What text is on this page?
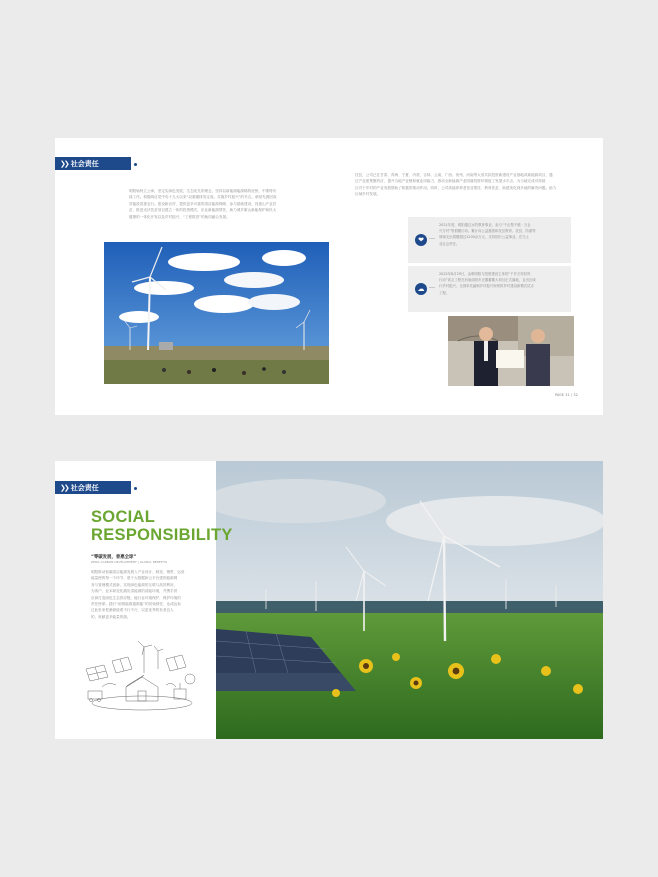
❯❯ 社会责任
明阳始终立公承，坚定实绿色发展，生态优先的理念，坚持以新能源能源稀的优势，中推特功
绿工作。积极响应党中央十九大以来“双重碳排发定成。实施乡村振兴”的号召。承财先源回高
效能改善惠农行。建设新农村，提供更多可靠的清洁能源保障，参与基础建设，同惠山产业扶
贫，推进光伏扶贫项目建立一体的投资模式，乐业新能源帮扶，助力城乡繁山新能保护和民太
健康的一体化开发以及乡村振兴，“工程推进”的助同融合发展。
扶贫，公司已在甘肃、青海、宁夏、内蒙、吉林、云南、广西、贵州、河南等大省共拟投资新建设产业基地或新能源项目，通
过产业建集聚效应，提升当地产业链和就业岗能力，推动全新能源产业园落投资环境促了发展水平点，为当地完成可持续
区对于乡村的产业发展帮助了积极的推动作用。同时，公司高能养养老老业帮扶，教育扶贫，助建美化到多地的解决问题。助力
区域乡村发展。
❤
2021年度，明阳通过水钓教育事业，参与“千企帮千镇 · 万企
兴万村”等捐赠行动。累计向公益慈善和扶贫教育、扶贫、防重等
领域支出捐赠超过1200余万元，支持国行公益事业，在当土
业社会责任。
☁
2022年8月29日，金明明阳与投资建设主体的“千乡万村驭风
行动”试点工程在河南南阳市正蓄蓄蓄大项目正式落地，且出区域
行乡村振兴，全国率先编制乡村振兴规划的乡村建设新模式试点
工程。
PAGE 31 / 32
❯❯ 社会责任
SOCIAL
RESPONSIBILITY
“零碳发展，普惠全球”
ZERO-CARBON DEVELOPMENT | GLOBAL BENEFITS
明阳推动低碳清洁能源发展入产业设计、制造、销售、运营
能量使的每一个环节，基于大数据和云平台建的能源网
务与管理模式创新，实现绿色能源的互联与高效利用，
为客户、业本和变化端应清能源的清能环境，并携手供
应商打造绿色生态供应链，能行业环境保护，保护环境的
责任使命。践行“助推能源通源能”的初始情任，达成达标
过此世来把渐源值系不行不行，以更优秀的有者良人
的，贵献更多能量的源。
